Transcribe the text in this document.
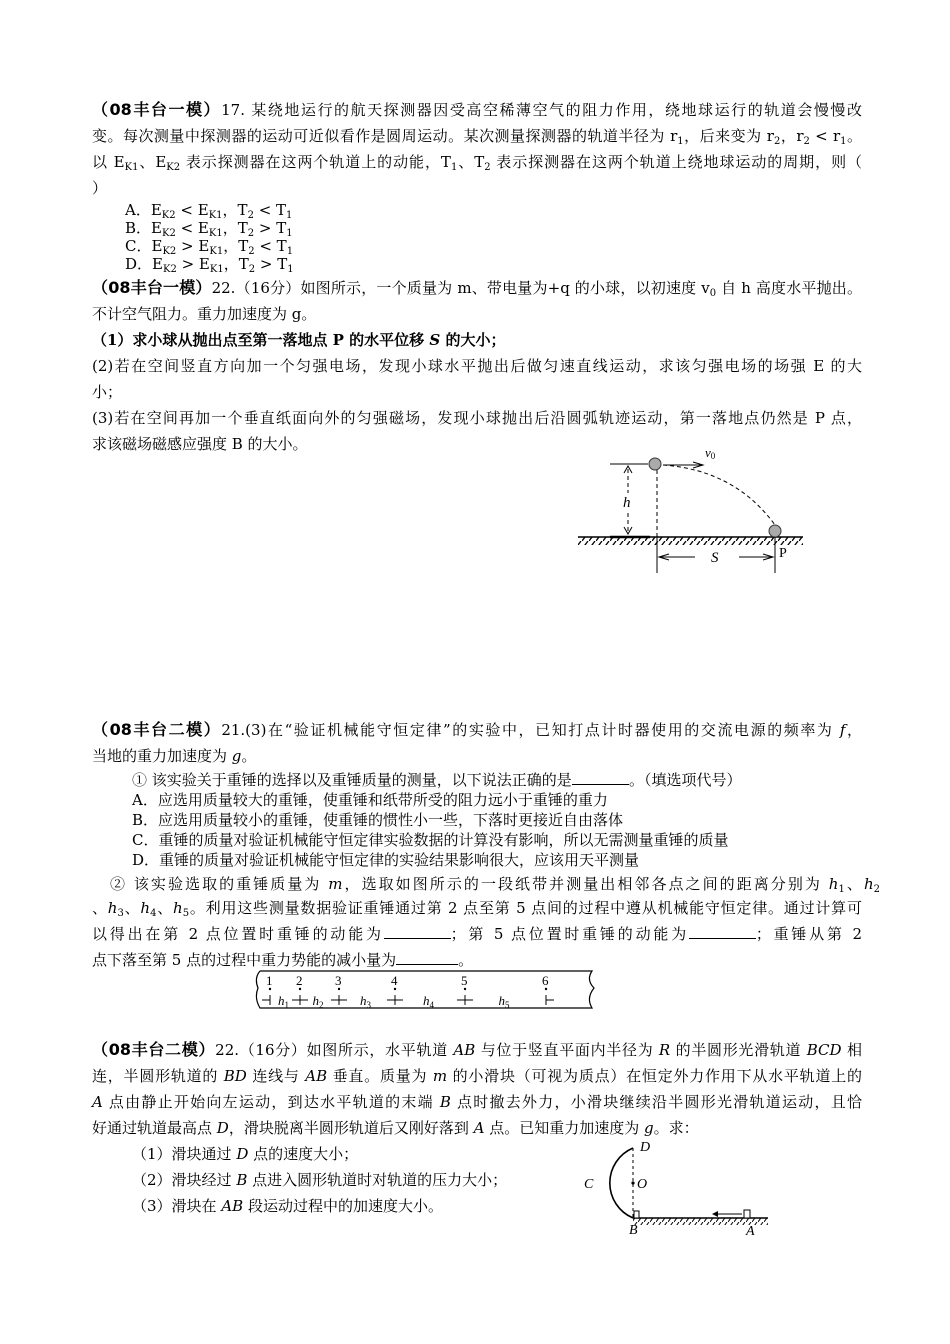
（08丰台一模）17. 某绕地运行的航天探测器因受高空稀薄空气的阻力作用，绕地球运行的轨道会慢慢改
变。每次测量中探测器的运动可近似看作是圆周运动。某次测量探测器的轨道半径为 $r_1$，后来变为 $r_2$，$r_2 < r_1$。
以 $E_{K1}$、$E_{K2}$ 表示探测器在这两个轨道上的动能，$T_1$、$T_2$ 表示探测器在这两个轨道上绕地球运动的周期，则（
）
A．$E_{K2} < E_{K1}$，$T_2 < T_1$
B．$E_{K2} < E_{K1}$，$T_2 > T_1$
C．$E_{K2} > E_{K1}$，$T_2 < T_1$
D．$E_{K2} > E_{K1}$，$T_2 > T_1$
（08丰台一模）22.（16分）如图所示，一个质量为 m、带电量为+q 的小球，以初速度 $v_0$ 自 h 高度水平抛出。
不计空气阻力。重力加速度为 g。
（1）求小球从抛出点至第一落地点 P 的水平位移 S 的大小；
(2)若在空间竖直方向加一个匀强电场，发现小球水平抛出后做匀速直线运动，求该匀强电场的场强 E 的大
小；
(3)若在空间再加一个垂直纸面向外的匀强磁场，发现小球抛出后沿圆弧轨迹运动，第一落地点仍然是 P 点，
求该磁场磁感应强度 B 的大小。
（08丰台二模）21.(3)在“验证机械能守恒定律”的实验中，已知打点计时器使用的交流电源的频率为 f，
当地的重力加速度为 g。
① 该实验关于重锤的选择以及重锤质量的测量，以下说法正确的是	。（填选项代号）
A．应选用质量较大的重锤，使重锤和纸带所受的阻力远小于重锤的重力
B．应选用质量较小的重锤，使重锤的惯性小一些，下落时更接近自由落体
C．重锤的质量对验证机械能守恒定律实验数据的计算没有影响，所以无需测量重锤的质量
D．重锤的质量对验证机械能守恒定律的实验结果影响很大，应该用天平测量
② 该实验选取的重锤质量为 m，选取如图所示的一段纸带并测量出相邻各点之间的距离分别为 $h_1$、$h_2$
、$h_3$、$h_4$、$h_5$。利用这些测量数据验证重锤通过第 2 点至第 5 点间的过程中遵从机械能守恒定律。通过计算可
以得出在第 2 点位置时重锤的动能为	；第 5 点位置时重锤的动能为	；重锤从第 2
点下落至第 5 点的过程中重力势能的减小量为	。
（08丰台二模）22.（16分）如图所示，水平轨道 AB 与位于竖直平面内半径为 R 的半圆形光滑轨道 BCD 相
连，半圆形轨道的 BD 连线与 AB 垂直。质量为 m 的小滑块（可视为质点）在恒定外力作用下从水平轨道上的
A 点由静止开始向左运动，到达水平轨道的末端 B 点时撤去外力，小滑块继续沿半圆形光滑轨道运动，且恰
好通过轨道最高点 D，滑块脱离半圆形轨道后又刚好落到 A 点。已知重力加速度为 g。求：
（1）滑块通过 D 点的速度大小；
（2）滑块经过 B 点进入圆形轨道时对轨道的压力大小；
（3）滑块在 AB 段运动过程中的加速度大小。
h
v0
S	P
1 2	3	4	5	6
$h_1$ $h_2$	$h_3$	$h_4$	$h_5$
D
C	O
B	A
